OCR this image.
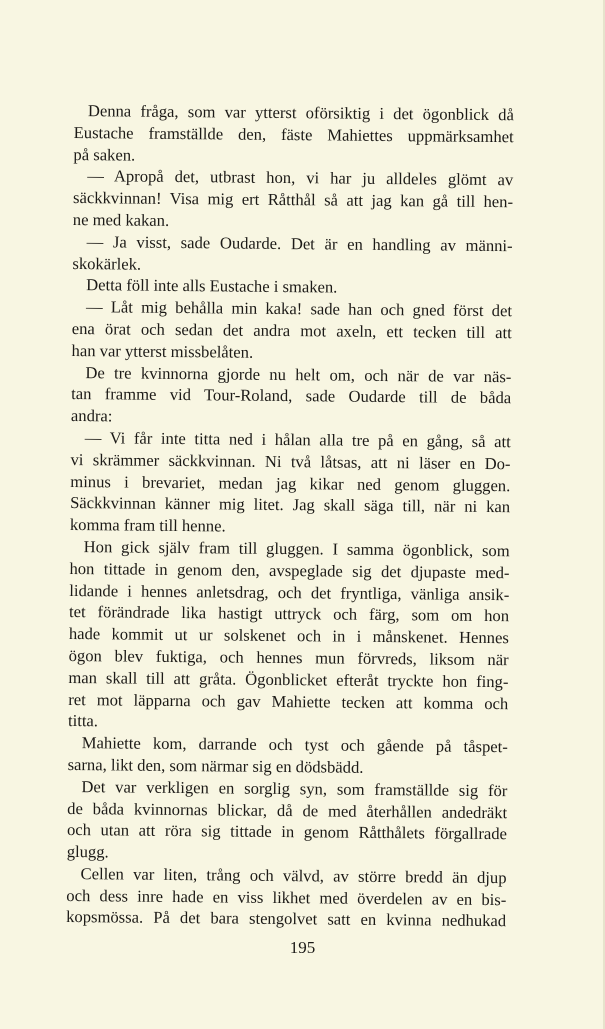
Denna fråga, som var ytterst oförsiktig i det ögonblick då
Eustache framställde den, fäste Mahiettes uppmärksamhet
på saken.
— Apropå det, utbrast hon, vi har ju alldeles glömt av
säckkvinnan! Visa mig ert Råtthål så att jag kan gå till hen-
ne med kakan.
— Ja visst, sade Oudarde. Det är en handling av männi-
skokärlek.
Detta föll inte alls Eustache i smaken.
— Låt mig behålla min kaka! sade han och gned först det
ena örat och sedan det andra mot axeln, ett tecken till att
han var ytterst missbelåten.
De tre kvinnorna gjorde nu helt om, och när de var näs-
tan framme vid Tour-Roland, sade Oudarde till de båda
andra:
— Vi får inte titta ned i hålan alla tre på en gång, så att
vi skrämmer säckkvinnan. Ni två låtsas, att ni läser en Do-
minus i brevariet, medan jag kikar ned genom gluggen.
Säckkvinnan känner mig litet. Jag skall säga till, när ni kan
komma fram till henne.
Hon gick själv fram till gluggen. I samma ögonblick, som
hon tittade in genom den, avspeglade sig det djupaste med-
lidande i hennes anletsdrag, och det fryntliga, vänliga ansik-
tet förändrade lika hastigt uttryck och färg, som om hon
hade kommit ut ur solskenet och in i månskenet. Hennes
ögon blev fuktiga, och hennes mun förvreds, liksom när
man skall till att gråta. Ögonblicket efteråt tryckte hon fing-
ret mot läpparna och gav Mahiette tecken att komma och
titta.
Mahiette kom, darrande och tyst och gående på tåspet-
sarna, likt den, som närmar sig en dödsbädd.
Det var verkligen en sorglig syn, som framställde sig för
de båda kvinnornas blickar, då de med återhållen andedräkt
och utan att röra sig tittade in genom Råtthålets förgallrade
glugg.
Cellen var liten, trång och välvd, av större bredd än djup
och dess inre hade en viss likhet med överdelen av en bis-
kopsmössa. På det bara stengolvet satt en kvinna nedhukad
195
